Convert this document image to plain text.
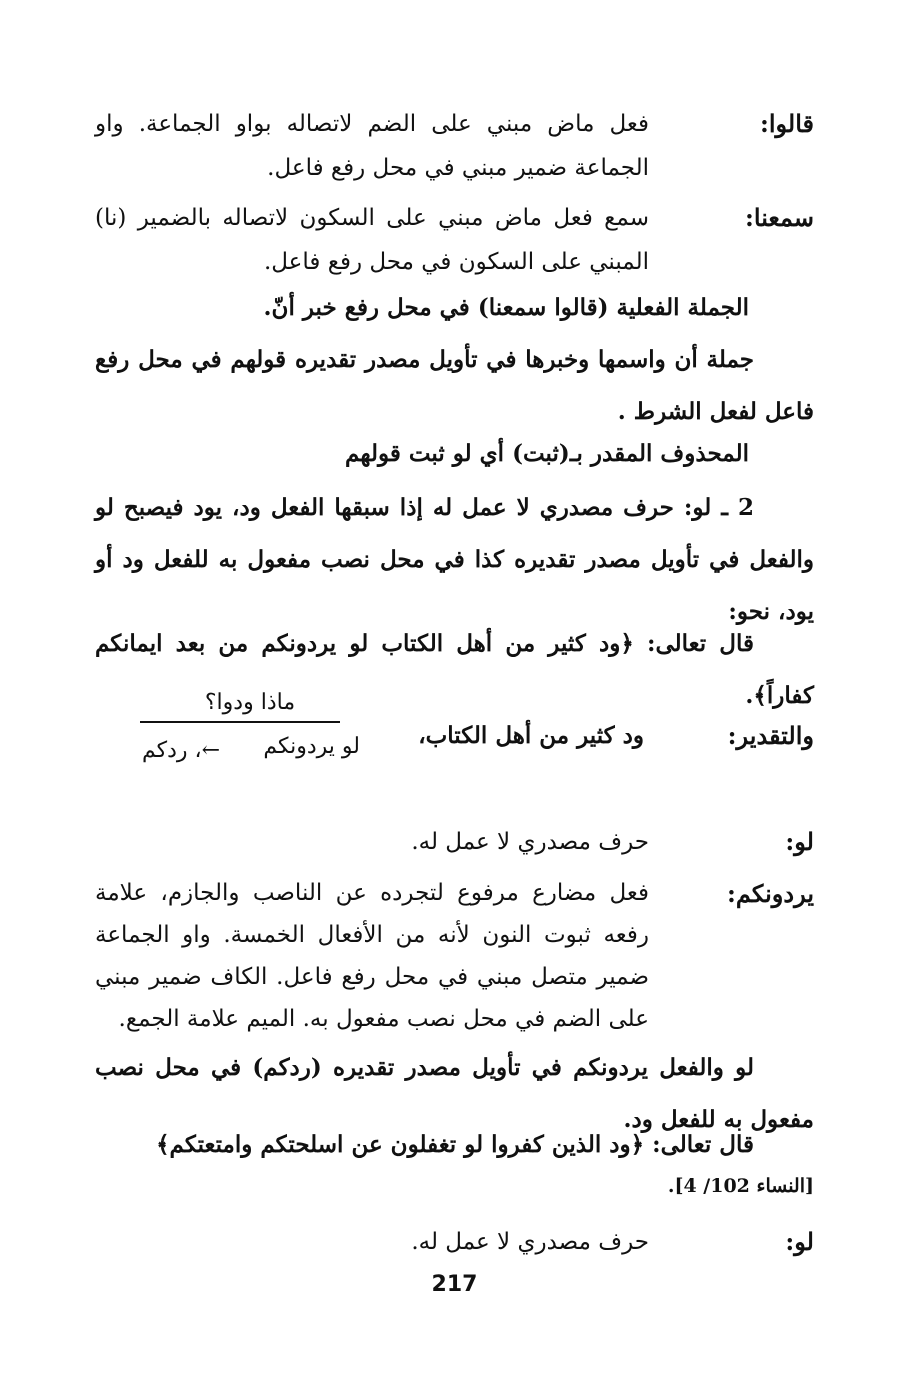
قالوا:
فعل ماض مبني على الضم لاتصاله بواو الجماعة. واو الجماعة ضمير مبني في محل رفع فاعل.
سمعنا:
سمع فعل ماض مبني على السكون لاتصاله بالضمير (نا) المبني على السكون في محل رفع فاعل.
الجملة الفعلية (قالوا سمعنا) في محل رفع خبر أنّ.
جملة أن واسمها وخبرها في تأويل مصدر تقديره قولهم في محل رفع فاعل لفعل الشرط .
المحذوف المقدر بـ(ثبت) أي لو ثبت قولهم
2 ـ لو: حرف مصدري لا عمل له إذا سبقها الفعل ود، يود فيصبح لو والفعل في تأويل مصدر تقديره كذا في محل نصب مفعول به للفعل ود أو يود، نحو:
قال تعالى: ﴿ود كثير من أهل الكتاب لو يردونكم من بعد ايمانكم كفاراً﴾.
والتقدير:
ود كثير من أهل الكتاب،
ماذا ودوا؟
لو يردونكم
←، ردكم
لو:
حرف مصدري لا عمل له.
يردونكم:
فعل مضارع مرفوع لتجرده عن الناصب والجازم، علامة رفعه ثبوت النون لأنه من الأفعال الخمسة. واو الجماعة ضمير متصل مبني في محل رفع فاعل. الكاف ضمير مبني على الضم في محل نصب مفعول به. الميم علامة الجمع.
لو والفعل يردونكم في تأويل مصدر تقديره (ردكم) في محل نصب مفعول به للفعل ود.
قال تعالى: ﴿ود الذين كفروا لو تغفلون عن اسلحتكم وامتعتكم﴾
[النساء 102/ 4].
لو:
حرف مصدري لا عمل له.
217
